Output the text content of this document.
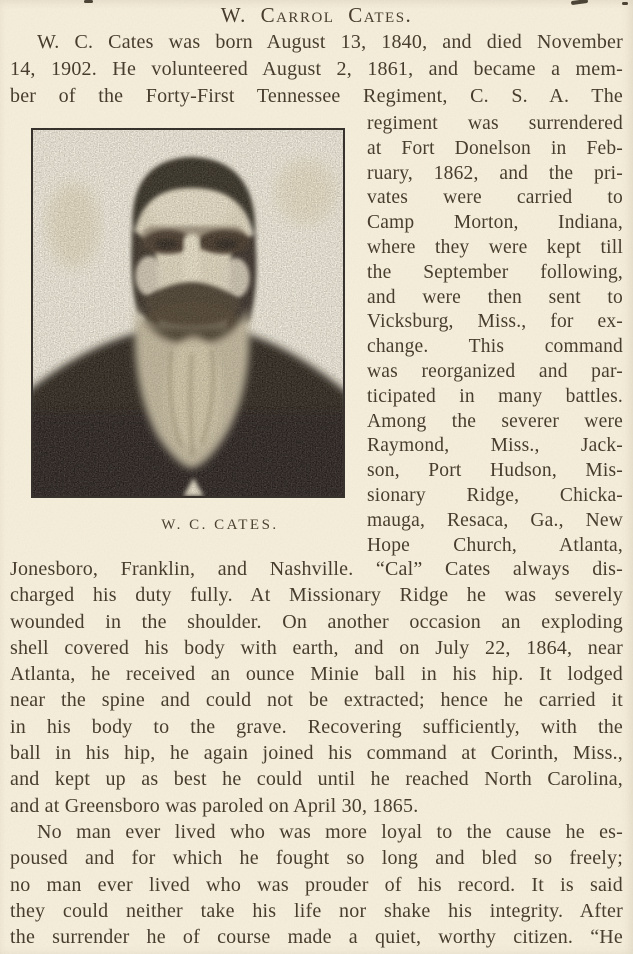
W. Carrol Cates.
W. C. Cates was born August 13, 1840, and died November
14, 1902. He volunteered August 2, 1861, and became a mem-
ber of the Forty-First Tennessee Regiment, C. S. A. The
W. C. CATES.
regiment was surrendered
at Fort Donelson in Feb-
ruary, 1862, and the pri-
vates were carried to
Camp Morton, Indiana,
where they were kept till
the September following,
and were then sent to
Vicksburg, Miss., for ex-
change. This command
was reorganized and par-
ticipated in many battles.
Among the severer were
Raymond, Miss., Jack-
son, Port Hudson, Mis-
sionary Ridge, Chicka-
mauga, Resaca, Ga., New
Hope Church, Atlanta,
Jonesboro, Franklin, and Nashville. “Cal” Cates always dis-
charged his duty fully. At Missionary Ridge he was severely
wounded in the shoulder. On another occasion an exploding
shell covered his body with earth, and on July 22, 1864, near
Atlanta, he received an ounce Minie ball in his hip. It lodged
near the spine and could not be extracted; hence he carried it
in his body to the grave. Recovering sufficiently, with the
ball in his hip, he again joined his command at Corinth, Miss.,
and kept up as best he could until he reached North Carolina,
and at Greensboro was paroled on April 30, 1865.
No man ever lived who was more loyal to the cause he es-
poused and for which he fought so long and bled so freely;
no man ever lived who was prouder of his record. It is said
they could neither take his life nor shake his integrity. After
the surrender he of course made a quiet, worthy citizen. “He
